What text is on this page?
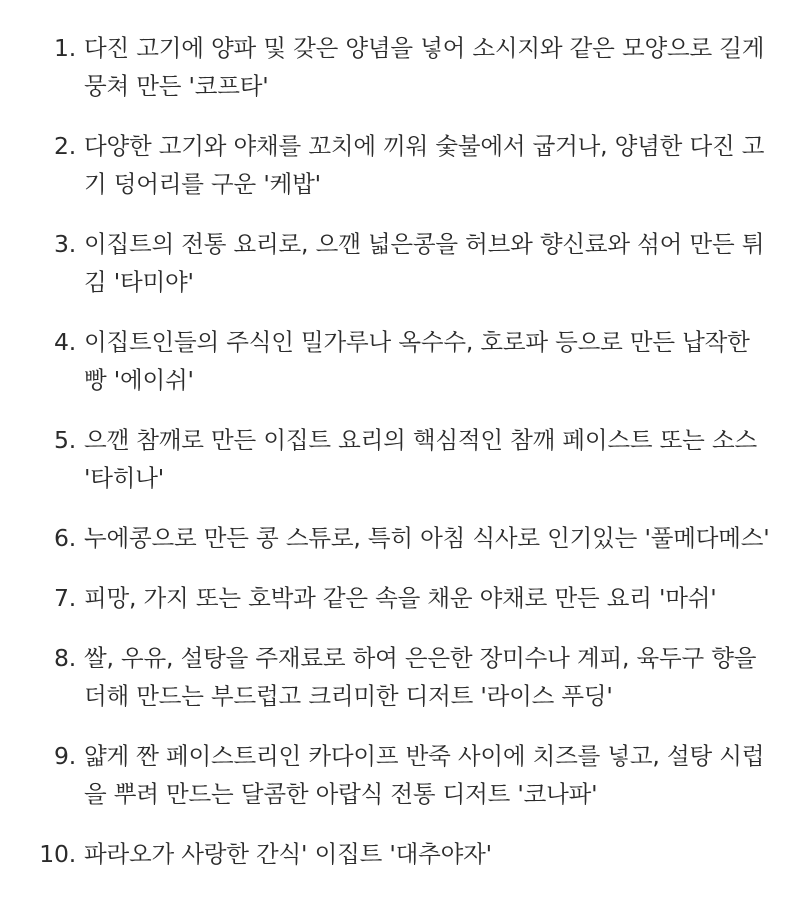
1. 다진 고기에 양파 및 갖은 양념을 넣어 소시지와 같은 모양으로 길게 뭉쳐 만든 '코프타'
2. 다양한 고기와 야채를 꼬치에 끼워 숯불에서 굽거나, 양념한 다진 고기 덩어리를 구운 '케밥'
3. 이집트의 전통 요리로, 으깬 넓은콩을 허브와 향신료와 섞어 만든 튀김 '타미야'
4. 이집트인들의 주식인 밀가루나 옥수수, 호로파 등으로 만든 납작한 빵 '에이쉬'
5. 으깬 참깨로 만든 이집트 요리의 핵심적인 참깨 페이스트 또는 소스 '타히나'
6. 누에콩으로 만든 콩 스튜로, 특히 아침 식사로 인기있는 '풀메다메스'
7. 피망, 가지 또는 호박과 같은 속을 채운 야채로 만든 요리 '마쉬'
8. 쌀, 우유, 설탕을 주재료로 하여 은은한 장미수나 계피, 육두구 향을 더해 만드는 부드럽고 크리미한 디저트 '라이스 푸딩'
9. 얇게 짠 페이스트리인 카다이프 반죽 사이에 치즈를 넣고, 설탕 시럽을 뿌려 만드는 달콤한 아랍식 전통 디저트 '코나파'
10. 파라오가 사랑한 간식' 이집트 '대추야자'
